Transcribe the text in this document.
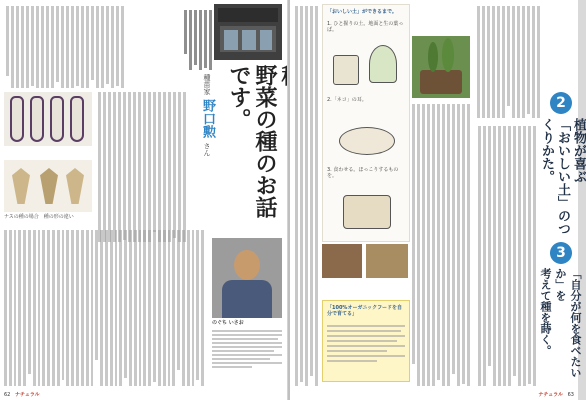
野菜の種のお話です。
種苗家 野口勲 さん
ナスの種の場合　種の形の違い
のぐち いさお
62 ナチュラル
「おいしい土」ができるまで。
1. ひと握りの土。地面と生の葉っぱ。
2.「ネコ」の耳。
3. 食わせる。ほっこりするものを。
「100%オーガニックフードを自分で育てる」
2
植物が喜ぶ
「おいしい土」のつくりかた。
3
「自分が何を食べたいか」を
考えて種を蒔く。
ナチュラル 63
